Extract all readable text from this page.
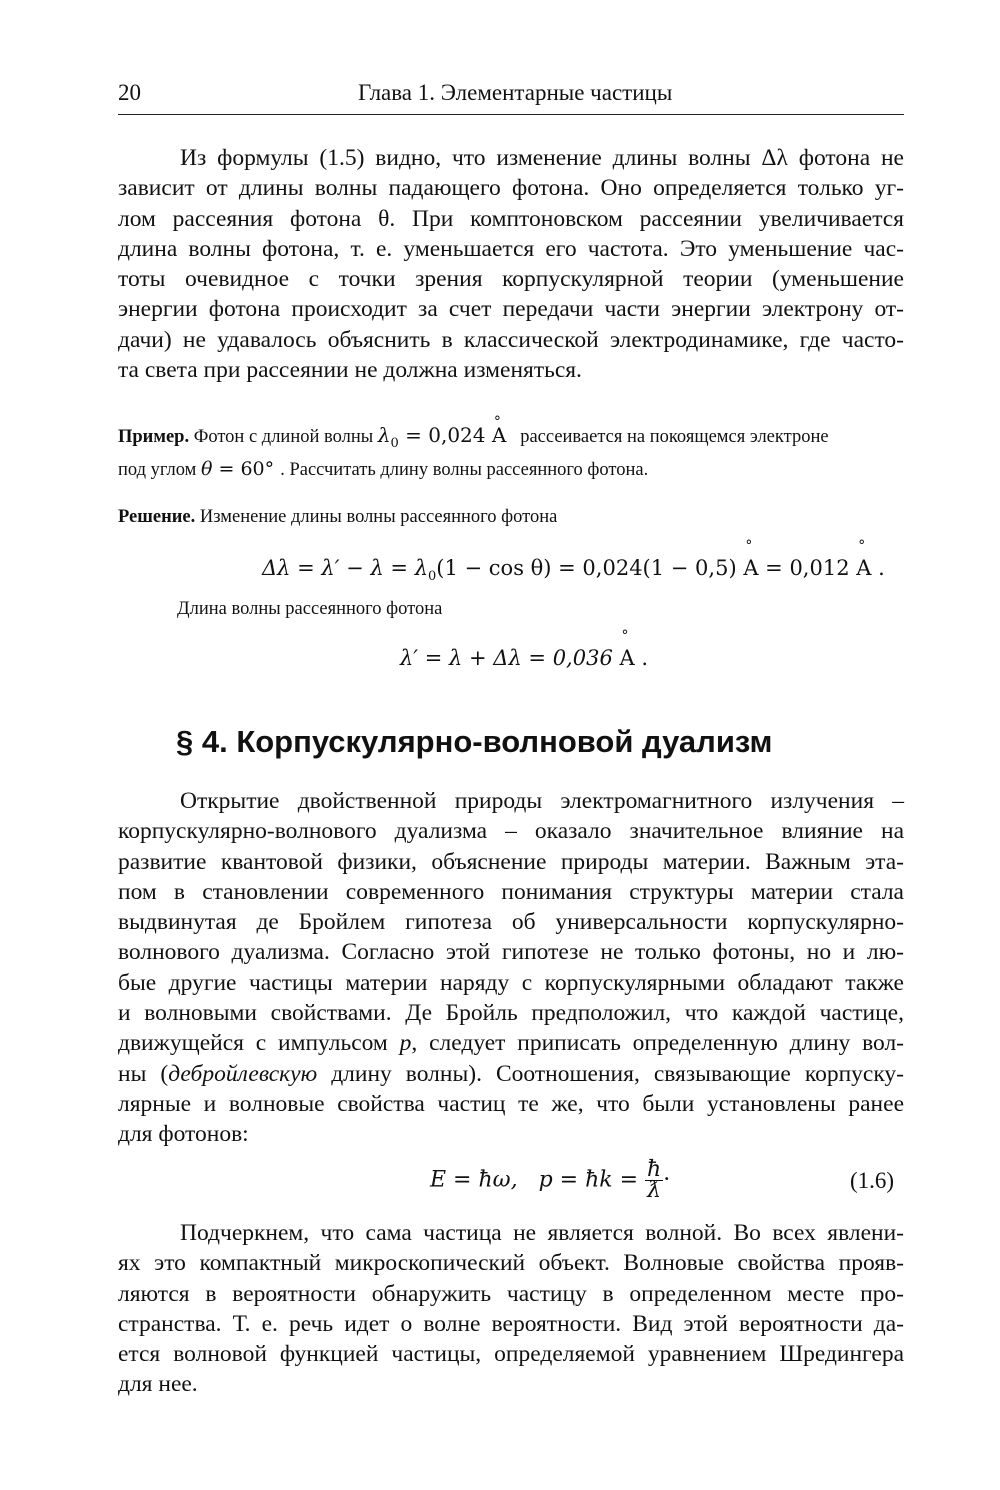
20	Глава 1. Элементарные частицы
Из формулы (1.5) видно, что изменение длины волны Δλ фотона не
зависит от длины волны падающего фотона. Оно определяется только уг-
лом рассеяния фотона θ. При комптоновском рассеянии увеличивается
длина волны фотона, т. е. уменьшается его частота. Это уменьшение час-
тоты очевидное с точки зрения корпускулярной теории (уменьшение
энергии фотона происходит за счет передачи части энергии электрону от-
дачи) не удавалось объяснить в классической электродинамике, где часто-
та света при рассеянии не должна изменяться.
Пример. Фотон с длиной волны $\lambda_0 = 0,024$ ° A рассеивается на покоящемся электроне
под углом θ = 60° . Рассчитать длину волны рассеянного фотона.
Решение. Изменение длины волны рассеянного фотона
$\Delta\lambda = \lambda' - \lambda = \lambda_0(1 - \cos \theta) = 0,024(1 - 0,5)$ ° A = 0,012 ° A .
Длина волны рассеянного фотона
λ′ = λ + Δλ = 0,036 ° A .
§ 4. Корпускулярно-волновой дуализм
Открытие двойственной природы электромагнитного излучения –
корпускулярно-волнового дуализма – оказало значительное влияние на
развитие квантовой физики, объяснение природы материи. Важным эта-
пом в становлении современного понимания структуры материи стала
выдвинутая де Бройлем гипотеза об универсальности корпускулярно-
волнового дуализма. Согласно этой гипотезе не только фотоны, но и лю-
бые другие частицы материи наряду с корпускулярными обладают также
и волновыми свойствами. Де Бройль предположил, что каждой частице,
движущейся с импульсом p, следует приписать определенную длину вол-
ны (дебройлевскую длину волны). Соотношения, связывающие корпуску-
лярные и волновые свойства частиц те же, что были установлены ранее
для фотонов:
E = ħω, p = ħk = $\frac{ħ}{ƛ}$ ·	(1.6)
Подчеркнем, что сама частица не является волной. Во всех явлени-
ях это компактный микроскопический объект. Волновые свойства прояв-
ляются в вероятности обнаружить частицу в определенном месте про-
странства. Т. е. речь идет о волне вероятности. Вид этой вероятности да-
ется волновой функцией частицы, определяемой уравнением Шредингера
для нее.
